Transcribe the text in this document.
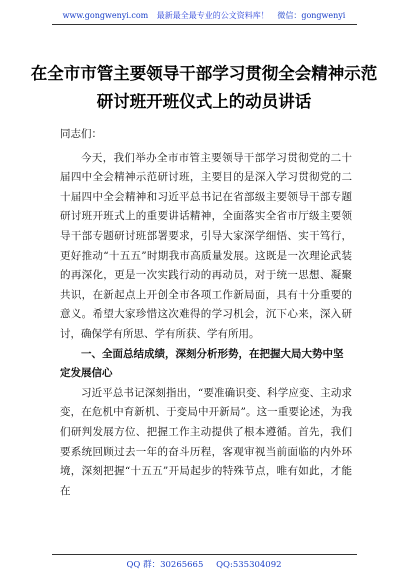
www.gongwenyi.com 最新最全最专业的公文资料库！ 微信：gongwenyi
在全市市管主要领导干部学习贯彻全会精神示范研讨班开班仪式上的动员讲话

同志们：

今天，我们举办全市市管主要领导干部学习贯彻党的二十届四中全会精神示范研讨班，主要目的是深入学习贯彻党的二十届四中全会精神和习近平总书记在省部级主要领导干部专题研讨班开班式上的重要讲话精神，全面落实全省市厅级主要领导干部专题研讨班部署要求，引导大家深学细悟、实干笃行，更好推动“十五五”时期我市高质量发展。这既是一次理论武装的再深化，更是一次实践行动的再动员，对于统一思想、凝聚共识，在新起点上开创全市各项工作新局面，具有十分重要的意义。希望大家珍惜这次难得的学习机会，沉下心来，深入研讨，确保学有所思、学有所获、学有所用。

一、全面总结成绩，深刻分析形势，在把握大局大势中坚定发展信心

习近平总书记深刻指出，“要准确识变、科学应变、主动求变，在危机中育新机、于变局中开新局”。这一重要论述，为我们研判发展方位、把握工作主动提供了根本遵循。首先，我们要系统回顾过去一年的奋斗历程，客观审视当前面临的内外环境，深刻把握“十五五”开局起步的特殊节点，唯有如此，才能在

QQ 群：30265665 QQ:535304092
